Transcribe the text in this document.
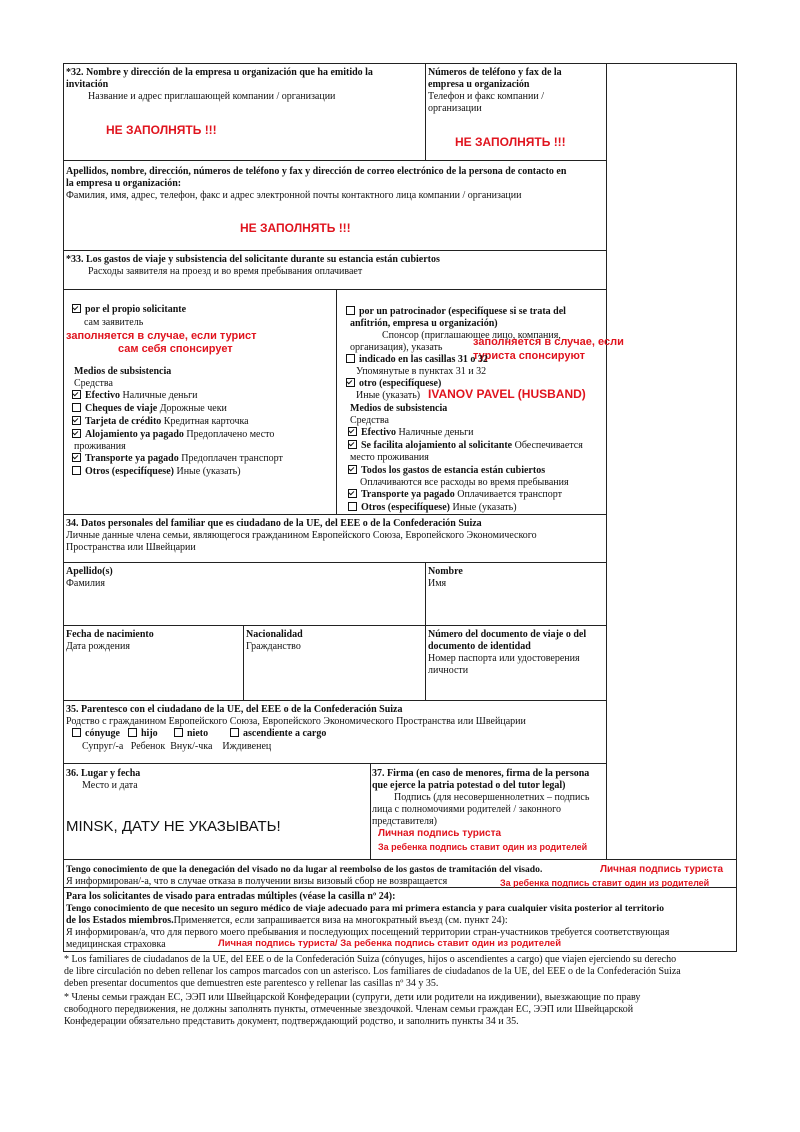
*32. Nombre y dirección de la empresa u organización que ha emitido la
invitación
Название и адрес приглашающей компании / организации
НЕ ЗАПОЛНЯТЬ !!!
Números de teléfono y fax de la
empresa u organización
Телефон и факс компании /
организации
НЕ ЗАПОЛНЯТЬ !!!
Apellidos, nombre, dirección, números de teléfono y fax y dirección de correo electrónico de la persona de contacto en
la empresa u organización:
Фамилия, имя, адрес, телефон, факс и адрес электронной почты контактного лица компании / организации
НЕ ЗАПОЛНЯТЬ !!!
*33. Los gastos de viaje y subsistencia del solicitante durante su estancia están cubiertos
Расходы заявителя на проезд и во время пребывания оплачивает
por el propio solicitante
сам заявитель
заполняется в случае, если турист
сам себя спонсирует
Medios de subsistencia
Средства
Efectivo Наличные деньги
Cheques de viaje Дорожные чеки
Tarjeta de crédito Кредитная карточка
Alojamiento ya pagado Предоплачено место
проживания
Transporte ya pagado Предоплачен транспорт
Otros (especifíquese) Иные (указать)
por un patrocinador (especifíquese si se trata del
anfitrión, empresa u organización)
Спонсор (приглашающее лицо, компания,
организация), указать	заполняется в случае, если
туриста спонсируют
indicado en las casillas 31 o 32
Упомянутые в пунктах 31 и 32
otro (especifíquese)
Иные (указать) IVANOV PAVEL (HUSBAND)
Medios de subsistencia
Средства
Efectivo Наличные деньги
Se facilita alojamiento al solicitante Обеспечивается
место проживания
Todos los gastos de estancia están cubiertos
Оплачиваются все расходы во время пребывания
Transporte ya pagado Оплачивается транспорт
Otros (especifíquese) Иные (указать)
34. Datos personales del familiar que es ciudadano de la UE, del EEE o de la Confederación Suiza
Личные данные члена семьи, являющегося гражданином Европейского Союза, Европейского Экономического
Пространства или Швейцарии
Apellido(s)
Фамилия
Nombre
Имя
Fecha de nacimiento
Дата рождения
Nacionalidad
Гражданство
Número del documento de viaje o del
documento de identidad
Номер паспорта или удостоверения
личности
35. Parentesco con el ciudadano de la UE, del EEE o de la Confederación Suiza
Родство с гражданином Европейского Союза, Европейского Экономического Пространства или Швейцарии
cónyuge	hijo	nieto	ascendiente a cargo
Супруг/-а   Ребенок  Внук/-чка    Иждивенец
36. Lugar y fecha
Место и дата
MINSK, ДАТУ НЕ УКАЗЫВАТЬ!
37. Firma (en caso de menores, firma de la persona
que ejerce la patria potestad o del tutor legal)
Подпись (для несовершеннолетних – подпись
лица с полномочиями родителей / законного
представителя)
Личная подпись туриста
За ребенка подпись ставит один из родителей
Tengo conocimiento de que la denegación del visado no da lugar al reembolso de los gastos de tramitación del visado.
Я информирован/-а, что в случае отказа в получении визы визовый сбор не возвращается
Личная подпись туриста
За ребенка подпись ставит один из родителей
Para los solicitantes de visado para entradas múltiples (véase la casilla nº 24):
Tengo conocimiento de que necesito un seguro médico de viaje adecuado para mi primera estancia y para cualquier visita posterior al territorio
de los Estados miembros.Применяется, если запрашивается виза на многократный въезд (см. пункт 24):
Я информирован/а, что для первого моего пребывания и последующих посещений территории стран-участников требуется соответствующая
медицинская страховка	Личная подпись туриста/ За ребенка подпись ставит один из родителей
* Los familiares de ciudadanos de la UE, del EEE o de la Confederación Suiza (cónyuges, hijos o ascendientes a cargo) que viajen ejerciendo su derecho
de libre circulación no deben rellenar los campos marcados con un asterisco. Los familiares de ciudadanos de la UE, del EEE o de la Confederación Suiza
deben presentar documentos que demuestren este parentesco y rellenar las casillas nº 34 y 35.
* Члены семьи граждан ЕС, ЭЭП или Швейцарской Конфедерации (супруги, дети или родители на иждивении), выезжающие по праву
свободного передвижения, не должны заполнять пункты, отмеченные звездочкой. Членам семьи граждан ЕС, ЭЭП или Швейцарской
Конфедерации обязательно представить документ, подтверждающий родство, и заполнить пункты 34 и 35.
